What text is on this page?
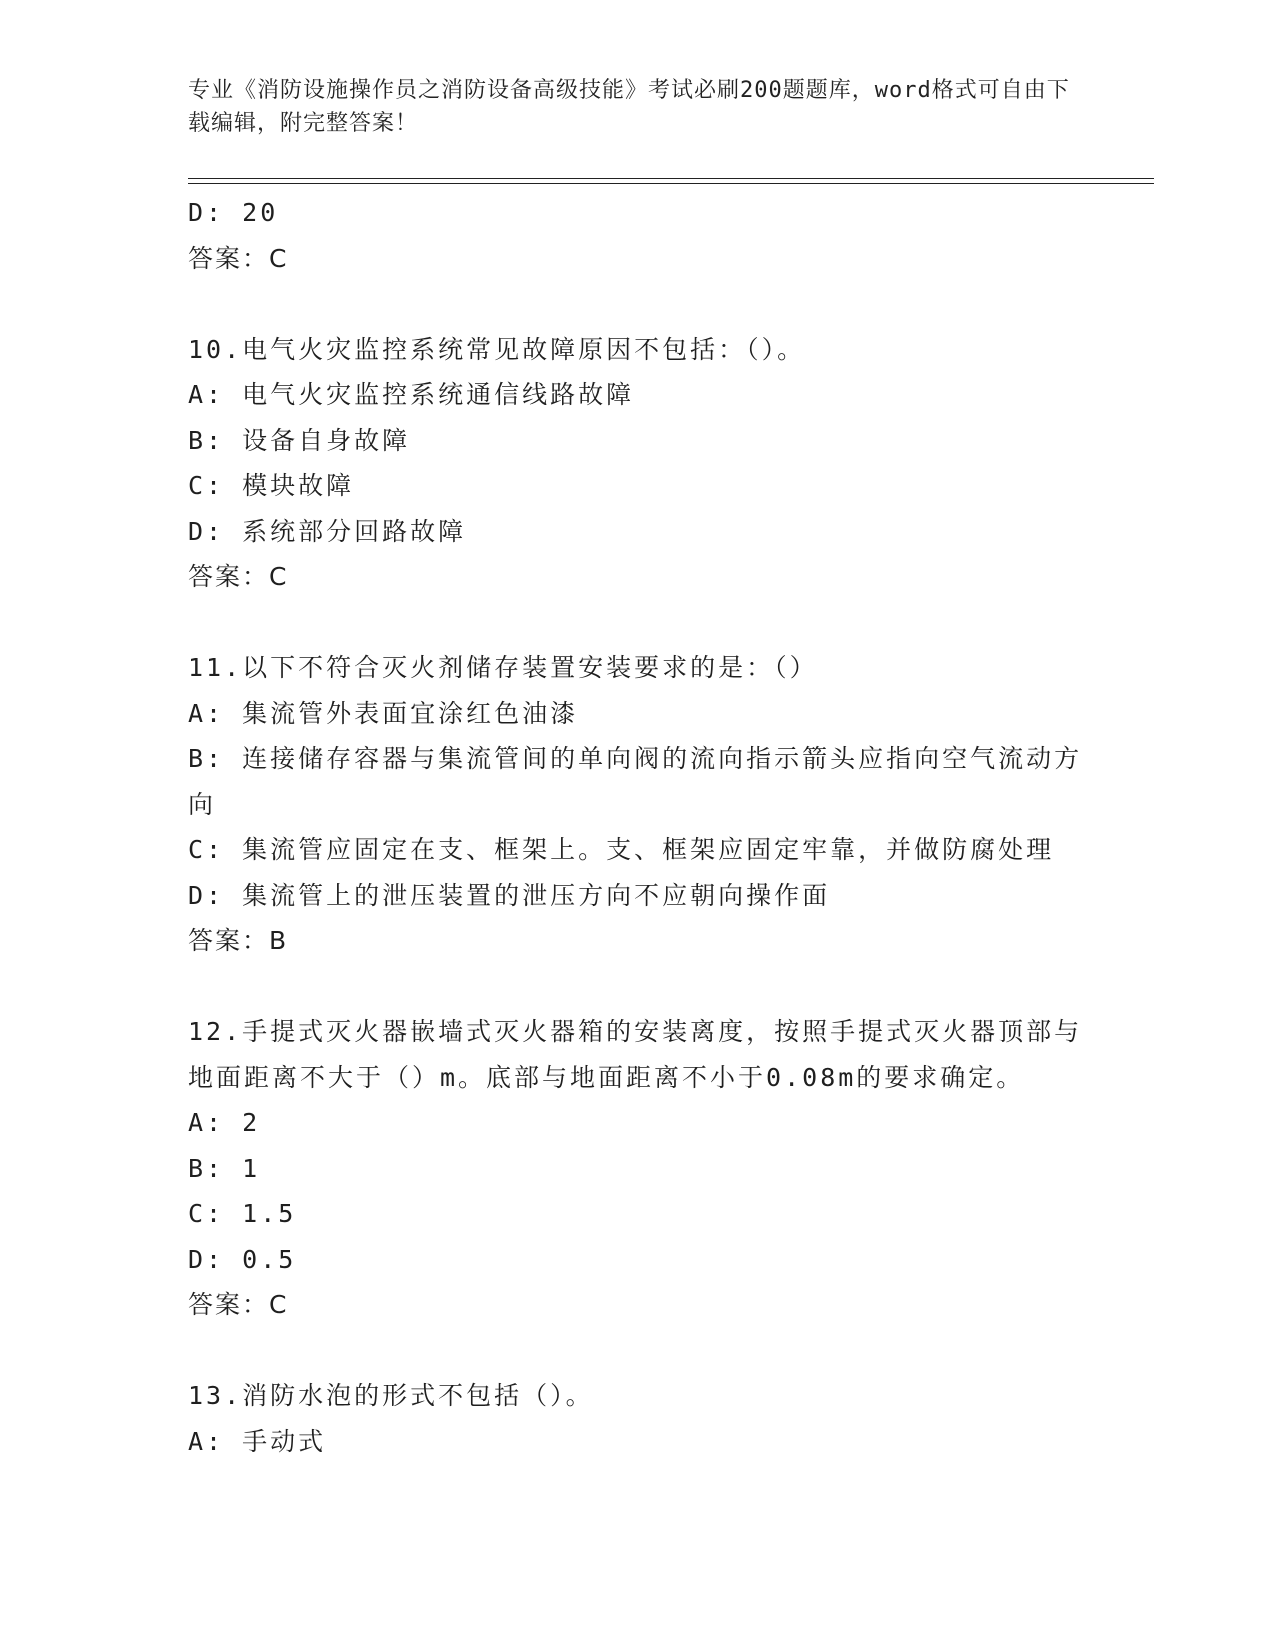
专业《消防设施操作员之消防设备高级技能》考试必刷200题题库，word格式可自由下载编辑，附完整答案！
D: 20
答案：C
10.电气火灾监控系统常见故障原因不包括：（）。
A: 电气火灾监控系统通信线路故障
B: 设备自身故障
C: 模块故障
D: 系统部分回路故障
答案：C
11.以下不符合灭火剂储存装置安装要求的是：（）
A: 集流管外表面宜涂红色油漆
B: 连接储存容器与集流管间的单向阀的流向指示箭头应指向空气流动方向
C: 集流管应固定在支、框架上。支、框架应固定牢靠，并做防腐处理
D: 集流管上的泄压装置的泄压方向不应朝向操作面
答案：B
12.手提式灭火器嵌墙式灭火器箱的安装离度，按照手提式灭火器顶部与地面距离不大于（）m。底部与地面距离不小于0.08m的要求确定。
A: 2
B: 1
C: 1.5
D: 0.5
答案：C
13.消防水泡的形式不包括（）。
A: 手动式
